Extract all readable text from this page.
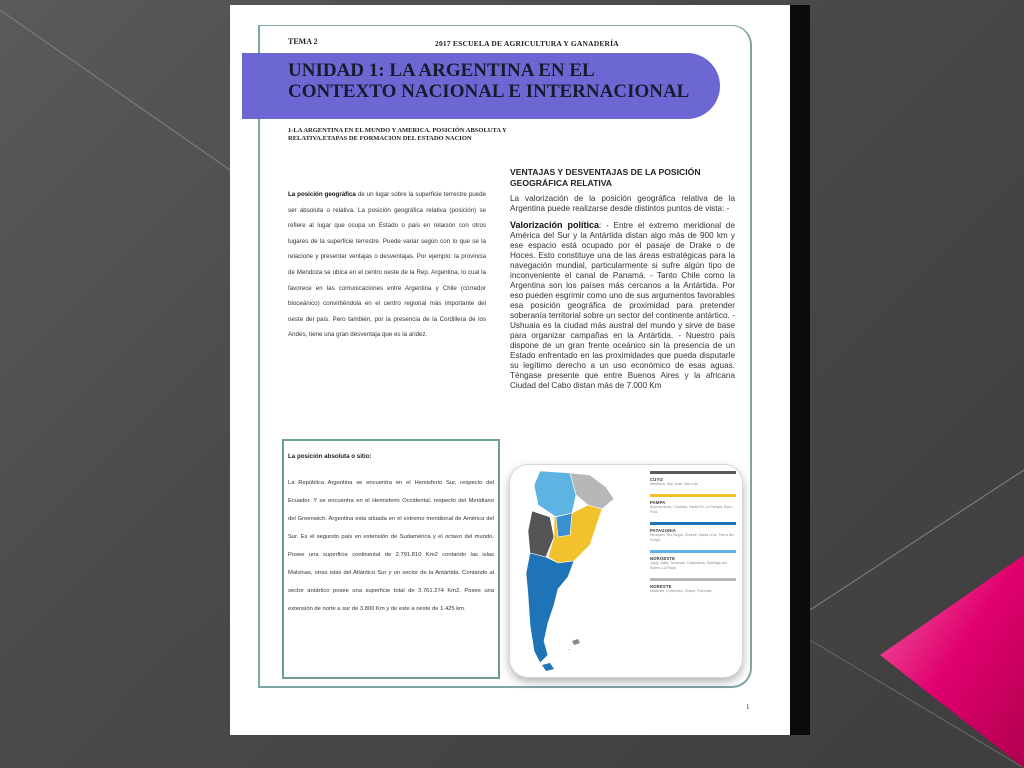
TEMA 2	2017 ESCUELA DE AGRICULTURA Y GANADERÍA
UNIDAD 1: LA ARGENTINA EN EL
CONTEXTO NACIONAL E INTERNACIONAL
1-LA ARGENTINA EN EL MUNDO Y AMERICA. POSICIÓN ABSOLUTA Y
RELATIVA.ETAPAS DE FORMACION DEL ESTADO NACION
La posición geográfica de un lugar sobre la superficie terrestre puede ser absoluta o relativa. La posición geográfica relativa (posición) se refiere al lugar que ocupa un Estado o país en relación con otros lugares de la superficie terrestre. Puede variar según con lo que se la relacione y presentar ventajas o desventajas. Por ejemplo: la provincia de Mendoza se ubica en el centro oeste de la Rep. Argentina, lo cual la favorece en las comunicaciones entre Argentina y Chile (corredor bioceánico) convirtiéndola en el centro regional más importante del oeste del país. Pero también, por la presencia de la Cordillera de los Andes, tiene una gran desventaja que es la aridez.
VENTAJAS Y DESVENTAJAS DE LA POSICIÓN GEOGRÁFICA RELATIVA

La valorización de la posición geográfica relativa de la Argentina puede realizarse desde distintos puntos de vista: -

Valorización política: - Entre el extremo meridional de América del Sur y la Antártida distan algo más de 900 km y ese espacio está ocupado por el pasaje de Drake o de Hoces. Esto constituye una de las áreas estratégicas para la navegación mundial, particularmente si sufre algún tipo de inconveniente el canal de Panamá. - Tanto Chile como la Argentina son los países más cercanos a la Antártida. Por eso pueden esgrimir como uno de sus argumentos favorables esa posición geográfica de proximidad para pretender soberanía territorial sobre un sector del continente antártico. - Ushuaia es la ciudad más austral del mundo y sirve de base para organizar campañas en la Antártida. - Nuestro país dispone de un gran frente oceánico sin la presencia de un Estado enfrentado en las proximidades que pueda disputarle su legítimo derecho a un uso económico de esas aguas. Téngase presente que entre Buenos Aires y la africana Ciudad del Cabo distan más de 7.000 Km

La posición absoluta o sitio:
La República Argentina se encuentra en el Hemisferio Sur, respecto del Ecuador. Y se encuentra en el Hemisferio Occidental, respecto del Meridiano del Greenwich. Argentina esta situada en el extremo meridional de América del Sur. Es el segundo país en extensión de Sudamérica y el octavo del mundo. Posee una superficie continental de 2.791.810 Km2 contando las islas Malvinas, otras islas del Atlántico Sur y un sector de la Antártida. Contando al sector antártico posee una superficie total de 3.761.274 Km2. Posee una extensión de norte a sur de 3.800 Km y de este a oeste de 1.425 km.
~
CUYO
Mendoza, San Juan, San Luis
PAMPA
Buenos Aires, Córdoba, Santa Fe, La Pampa, Entre Ríos
PATAGONIA
Neuquén, Río Negro, Chubut, Santa Cruz, Tierra del Fuego
NOROESTE
Jujuy, Salta, Tucumán, Catamarca, Santiago del Estero, La Rioja
NORESTE
Misiones, Corrientes, Chaco, Formosa
1
